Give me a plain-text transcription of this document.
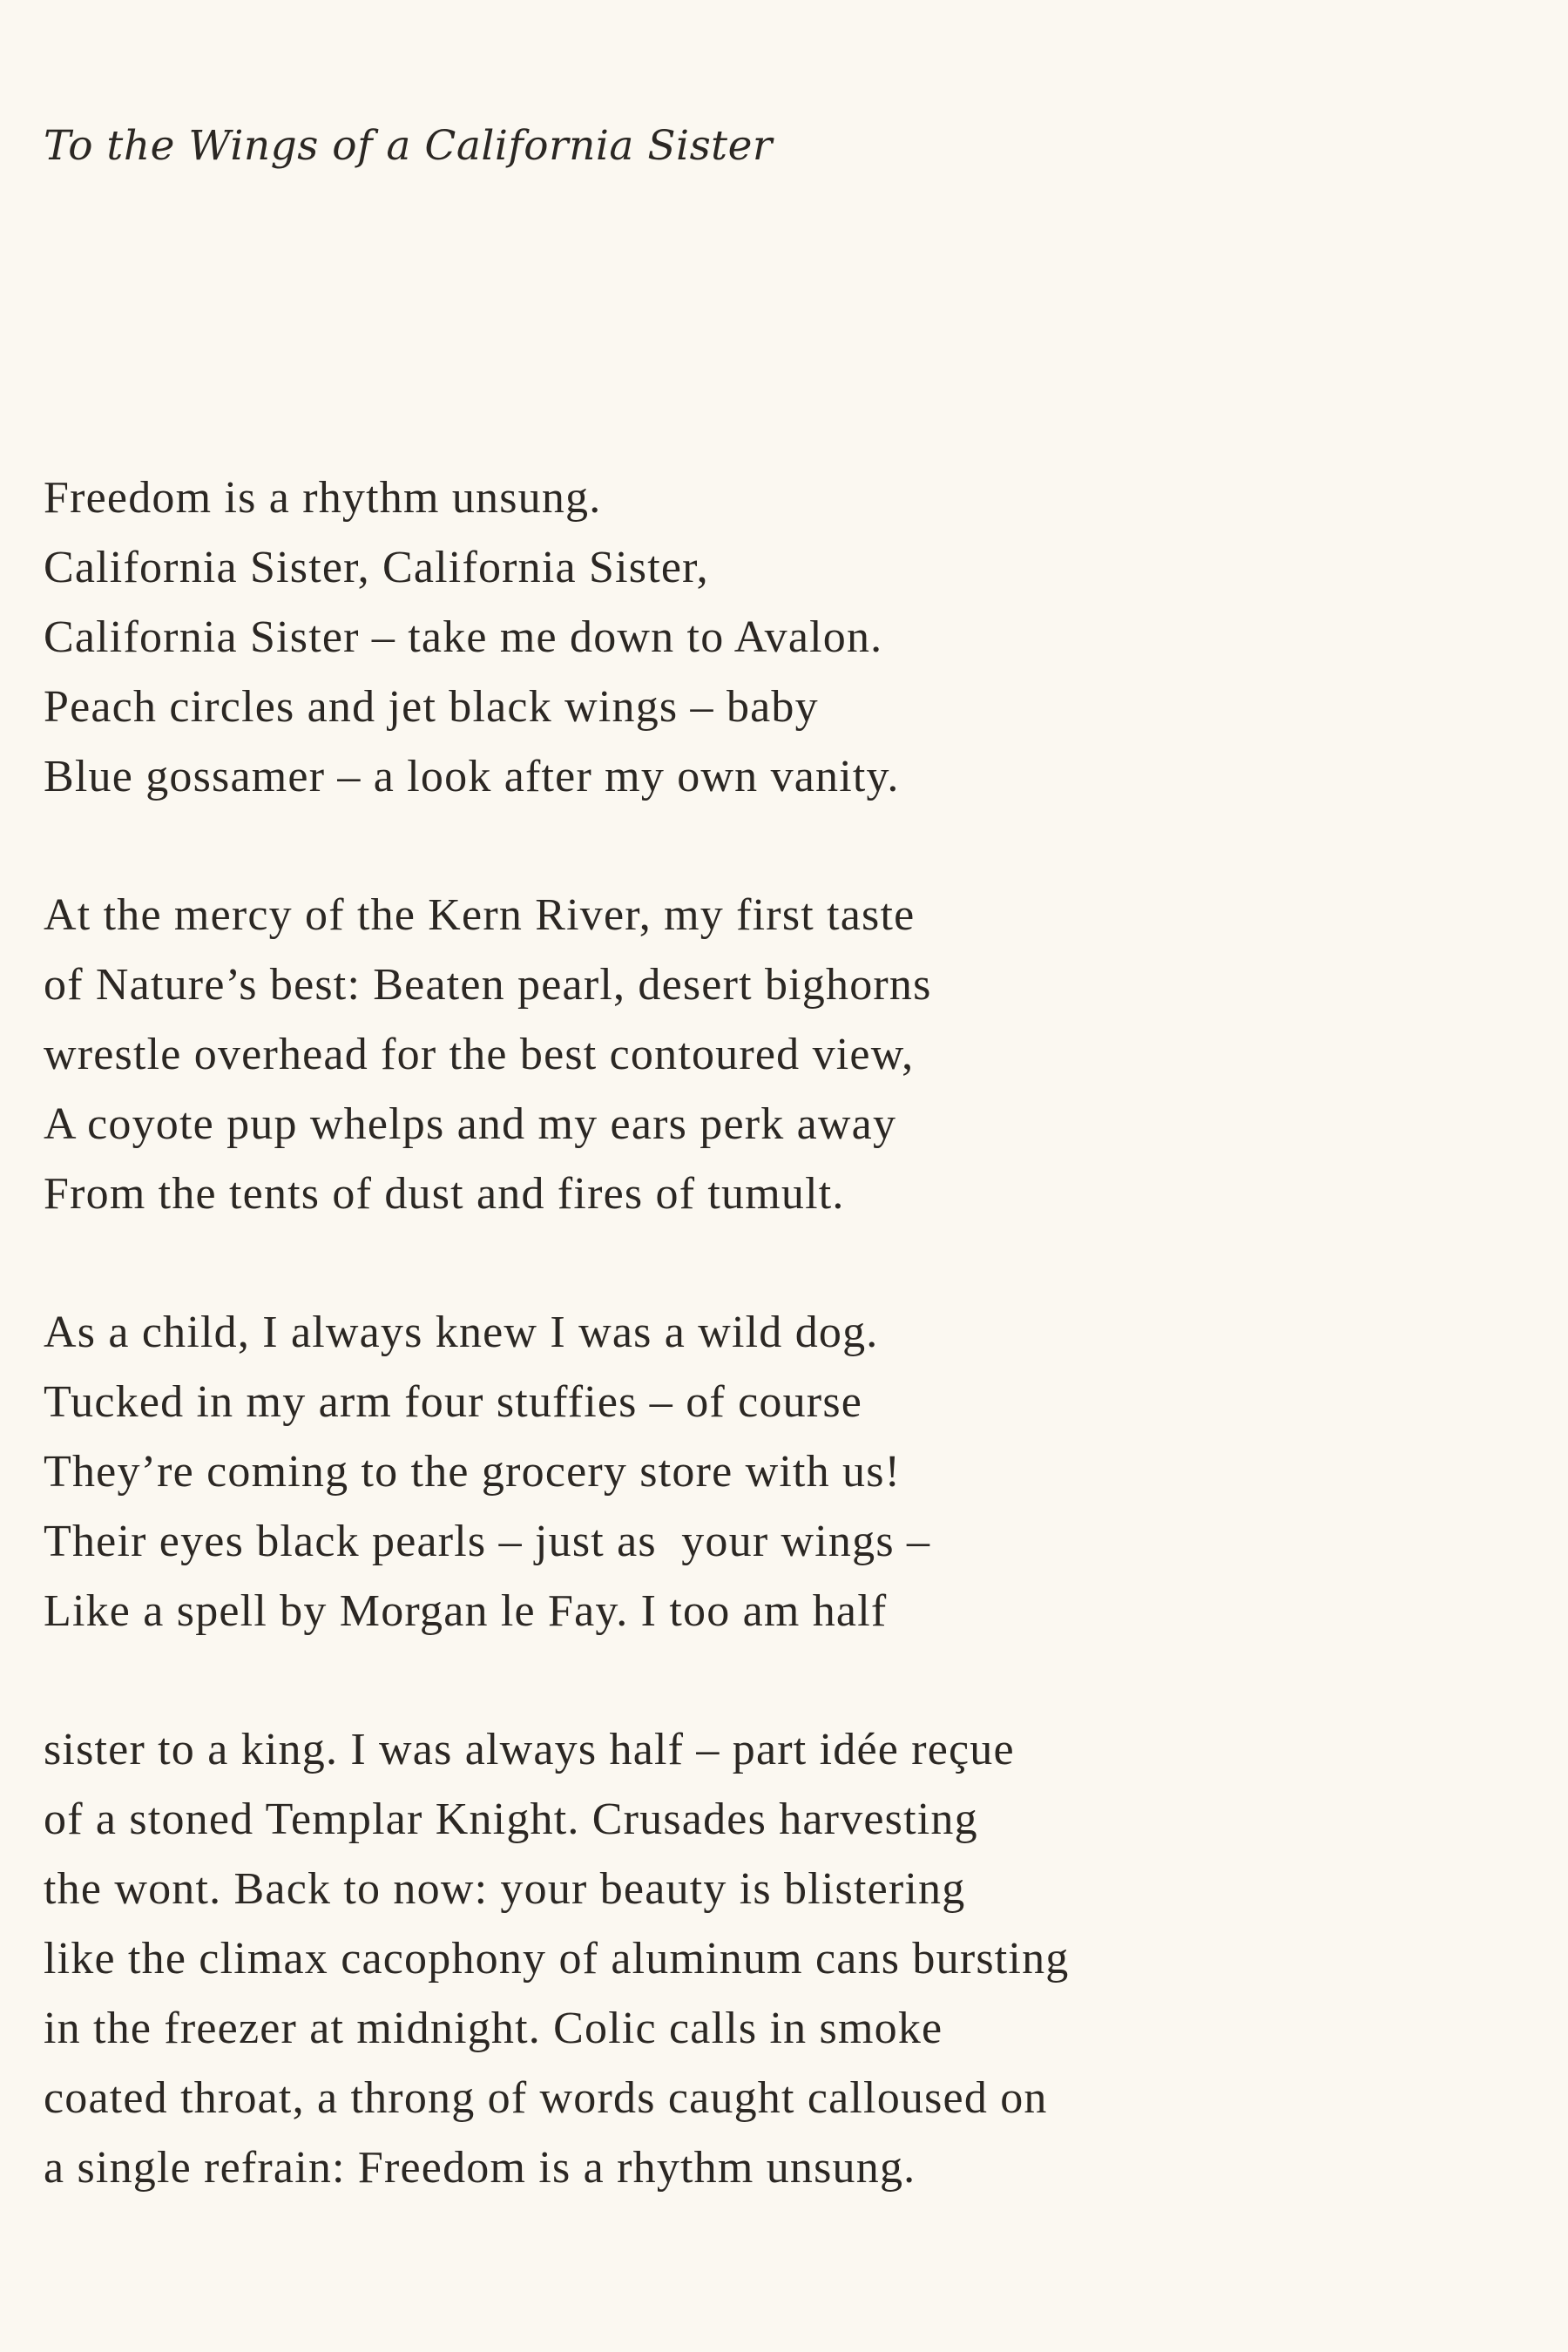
To the Wings of a California Sister
Freedom is a rhythm unsung.
California Sister, California Sister,
California Sister – take me down to Avalon.
Peach circles and jet black wings – baby
Blue gossamer – a look after my own vanity.
At the mercy of the Kern River, my first taste
of Nature’s best: Beaten pearl, desert bighorns
wrestle overhead for the best contoured view,
A coyote pup whelps and my ears perk away
From the tents of dust and fires of tumult.
As a child, I always knew I was a wild dog.
Tucked in my arm four stuffies – of course
They’re coming to the grocery store with us!
Their eyes black pearls – just as  your wings –
Like a spell by Morgan le Fay. I too am half
sister to a king. I was always half – part idée reçue
of a stoned Templar Knight. Crusades harvesting
the wont. Back to now: your beauty is blistering
like the climax cacophony of aluminum cans bursting
in the freezer at midnight. Colic calls in smoke
coated throat, a throng of words caught calloused on
a single refrain: Freedom is a rhythm unsung.
